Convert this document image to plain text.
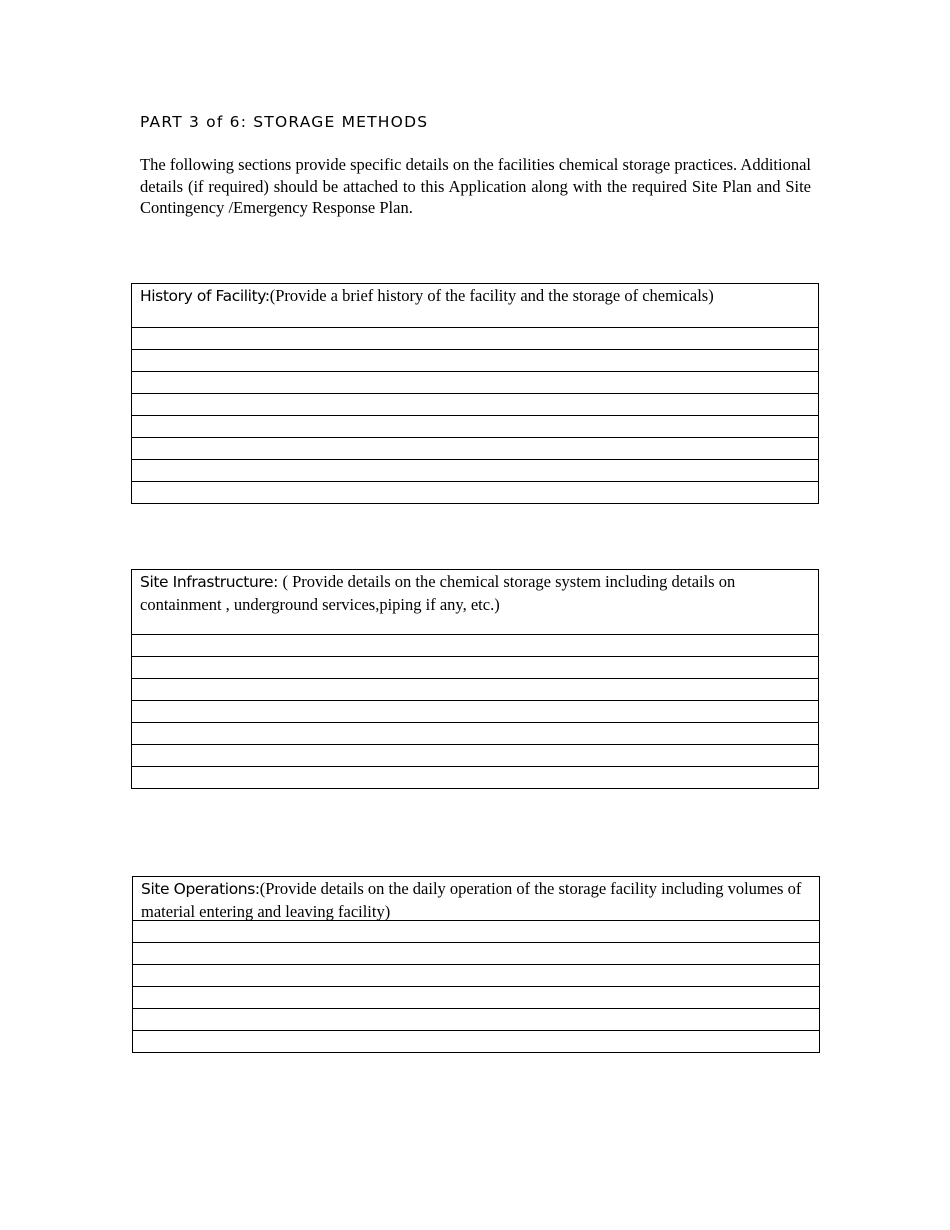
PART 3 of 6: STORAGE METHODS
The following sections provide specific details on the facilities chemical storage practices. Additional details (if required) should be attached to this Application along with the required Site Plan and Site Contingency /Emergency Response Plan.
History of Facility:(Provide a brief history of the facility and the storage of chemicals)
Site Infrastructure: ( Provide details on the chemical storage system including details on containment , underground services,piping if any, etc.)
Site Operations:(Provide details on the daily operation of the storage facility including volumes of material entering and leaving facility)
